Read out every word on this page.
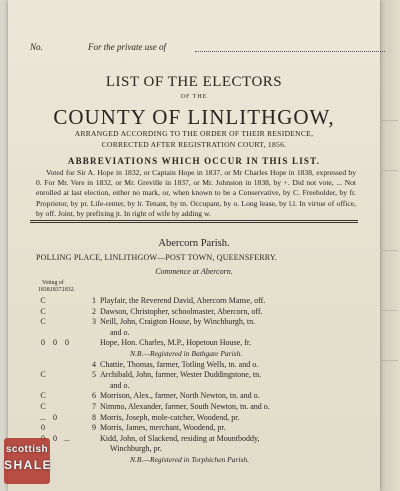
No.	For the private use of
LIST OF THE ELECTORS
OF THE
COUNTY OF LINLITHGOW,
ARRANGED ACCORDING TO THE ORDER OF THEIR RESIDENCE,
CORRECTED AFTER REGISTRATION COURT, 1856.
ABBREVIATIONS WHICH OCCUR IN THIS LIST.
Voted for Sir A. Hope in 1832, or Captain Hope in 1837, or Mr Charles Hope in 1838, expressed by 0. For Mr. Vere in 1832, or Mr. Greville in 1837, or Mr. Johnston in 1838, by +. Did not vote, ... Not enrolled at last election, either no mark, or, when known to be a Conservative, by C. Freeholder, by fr. Proprietor, by pr. Life-renter, by lr. Tenant, by tn. Occupant, by o. Long lease, by l.l. In virtue of office, by off. Joint, by prefixing jt. In right of wife by adding w.
Abercorn Parish.
POLLING PLACE, LINLITHGOW—POST TOWN, QUEENSFERRY.
Commence at Abercorn.
Voting of
1838.
1837.
1832.
C	1 Playfair, the Reverend David, Abercorn Manse, off.
C	2 Dawson, Christopher, schoolmaster, Abercorn, off.
C	3 Neill, John, Craigton House, by Winchburgh, tn.
and o.
0	0	0	Hope, Hon. Charles, M.P., Hopetoun House, fr.
N.B.—Registered in Bathgate Parish.
4 Chattie, Thomas, farmer, Totling Wells, tn. and o.
C	5 Archibald, John, farmer, Wester Duddingstone, tn.
and o.
C	6 Morrison, Alex., farmer, North Newton, tn. and o.
C	7 Nimmo, Alexander, farmer, South Newton, tn. and o.
... 0	8 Morris, Joseph, mole-catcher, Woodend, pr.
0	9 Morris, James, merchant, Woodend, pr.
0 ...	Kidd, John, of Slackend, residing at Mountboddy,
Winchburgh, pr.
N.B.—Registered in Torphichen Parish.
scottish
SHALE
